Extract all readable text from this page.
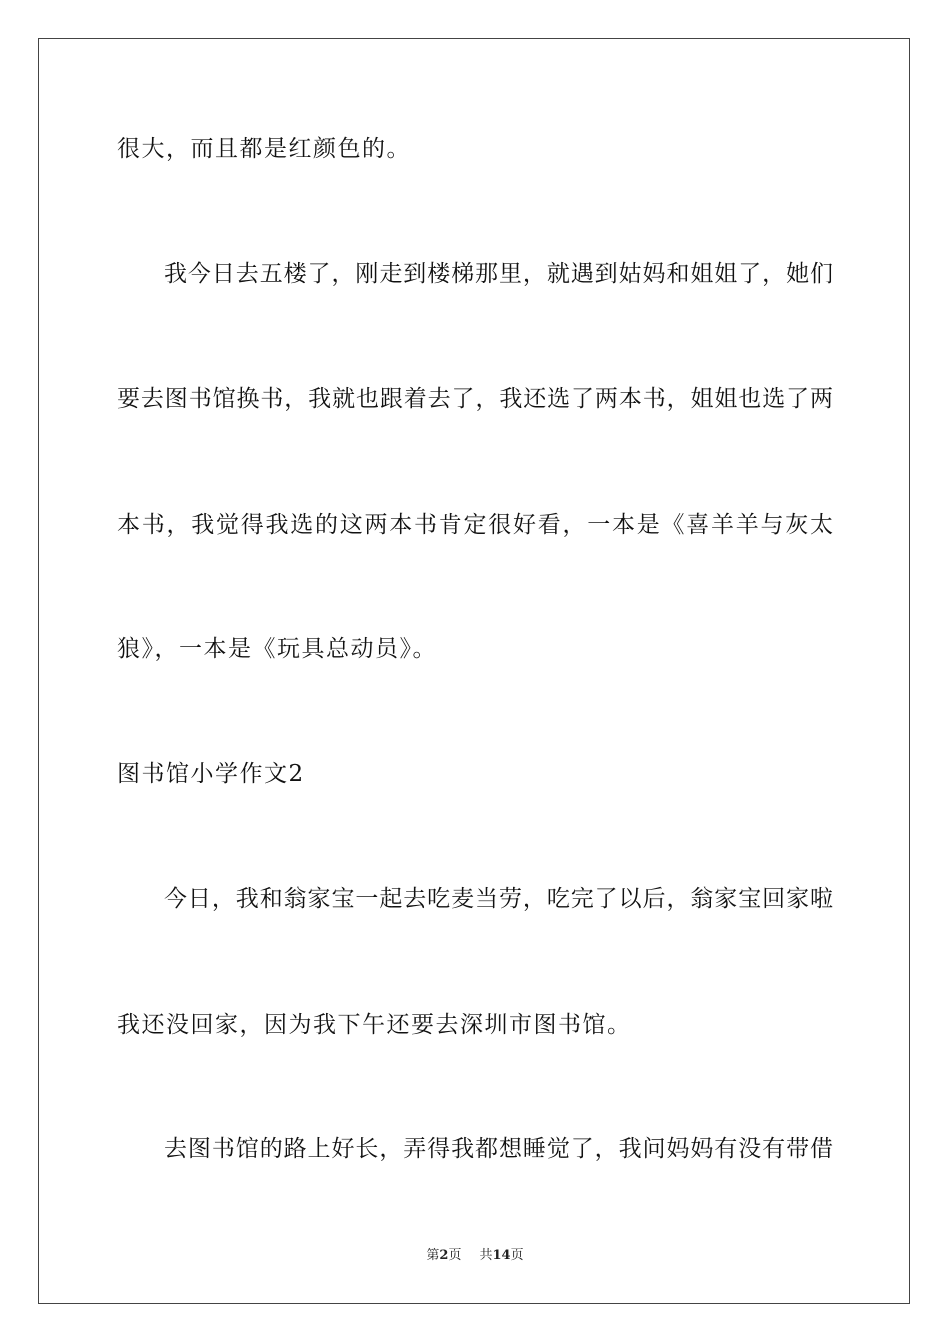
很大，而且都是红颜色的。
我今日去五楼了，刚走到楼梯那里，就遇到姑妈和姐姐了，她们
要去图书馆换书，我就也跟着去了，我还选了两本书，姐姐也选了两
本书，我觉得我选的这两本书肯定很好看，一本是《喜羊羊与灰太
狼》，一本是《玩具总动员》。
图书馆小学作文2
今日，我和翁家宝一起去吃麦当劳，吃完了以后，翁家宝回家啦
我还没回家，因为我下午还要去深圳市图书馆。
去图书馆的路上好长，弄得我都想睡觉了，我问妈妈有没有带借
第2页 共14页
